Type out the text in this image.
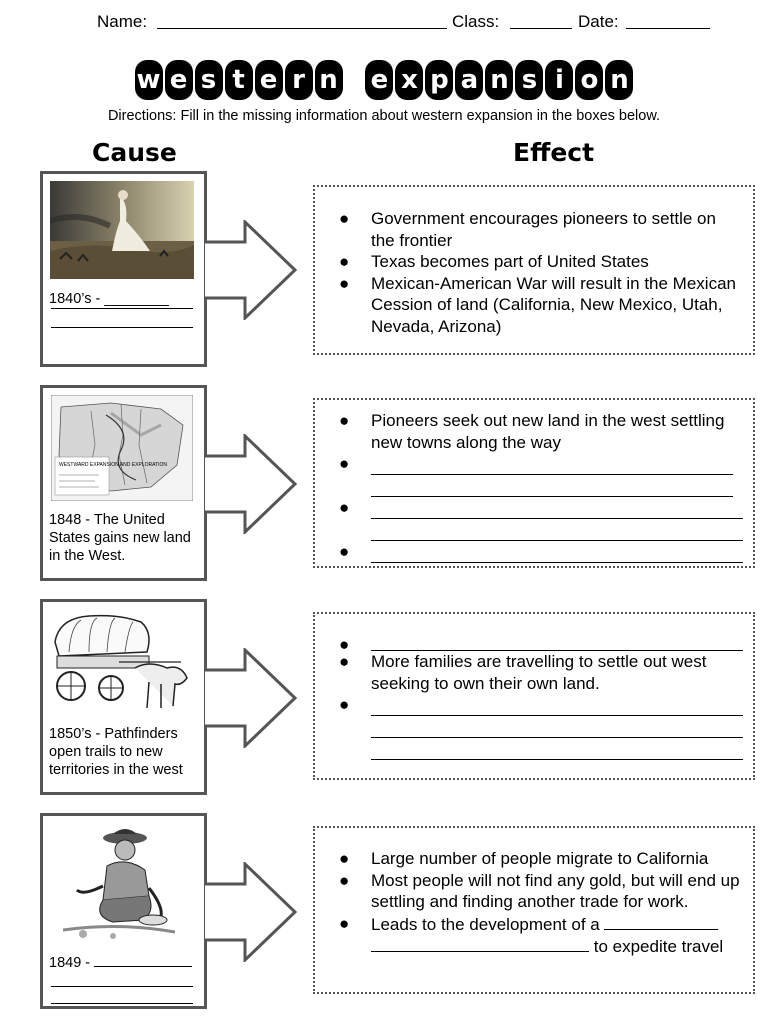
Name:	Class:	Date:
w e s t e r n
e x p a n s i o n
Directions: Fill in the missing information about western expansion in the boxes below.
Cause	Effect
1840’s - ________
● Government encourages pioneers to settle on the frontier
● Texas becomes part of United States
● Mexican-American War will result in the Mexican Cession of land (California, New Mexico, Utah, Nevada, Arizona)
WESTWARD EXPANSION AND EXPLORATION
1848 - The United States gains new land in the West.
● Pioneers seek out new land in the west settling new towns along the way
●
●
●
1850’s - Pathfinders open trails to new territories in the west
●
● More families are travelling to settle out west seeking to own their own land.
●
1849 -
● Large number of people migrate to California
● Most people will not find any gold, but will end up settling and finding another trade for work.
● Leads to the development of a
to expedite travel
